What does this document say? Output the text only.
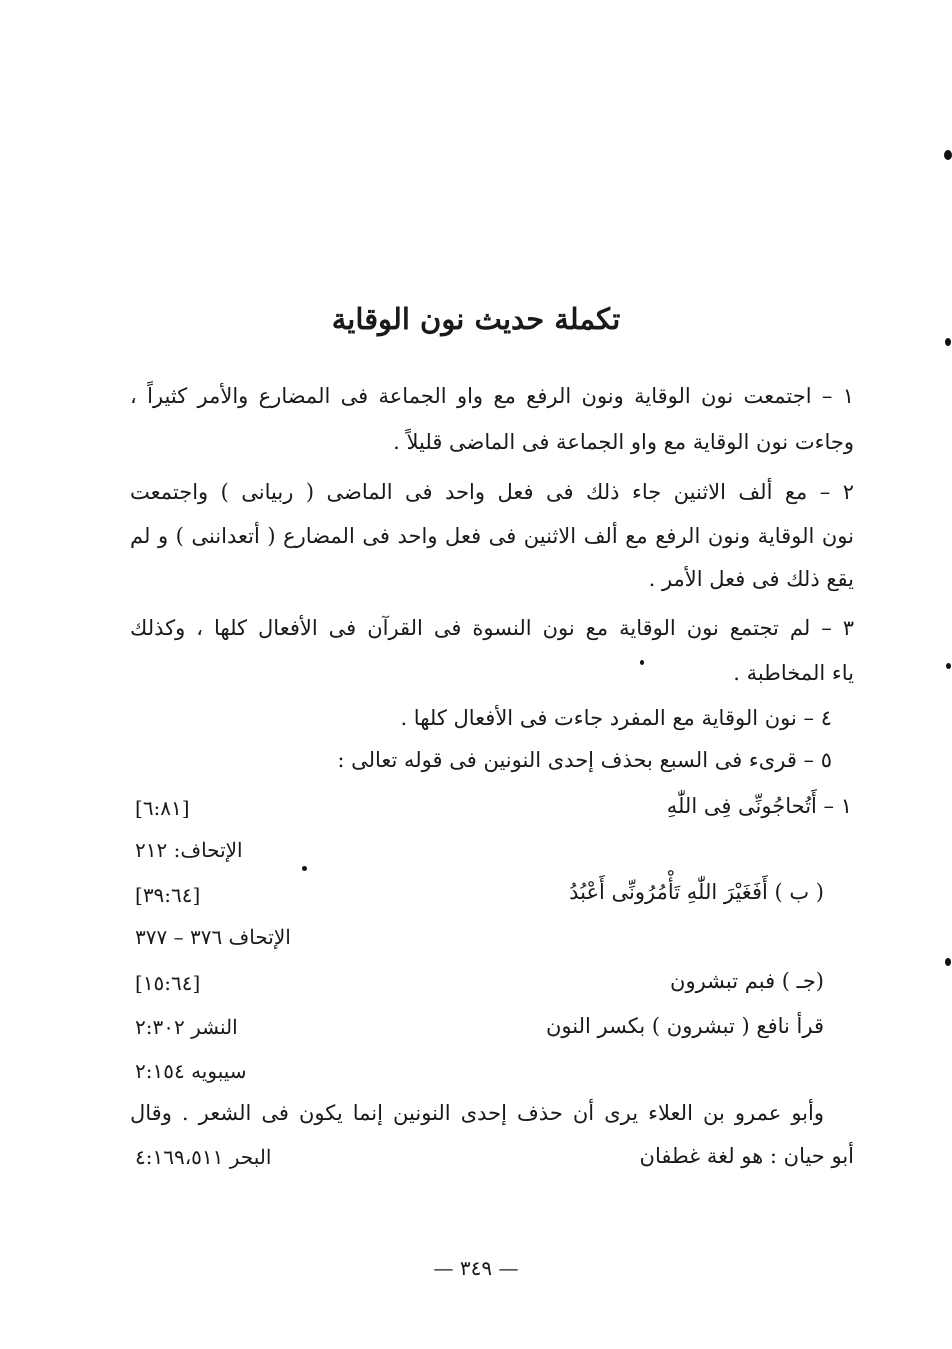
تكملة حديث نون الوقاية
١ – اجتمعت نون الوقاية ونون الرفع مع واو الجماعة فى المضارع والأمر كثيراً ،
وجاءت نون الوقاية مع واو الجماعة فى الماضى قليلاً .
٢ – مع ألف الاثنين جاء ذلك فى فعل واحد فى الماضى ( ربيانى ) واجتمعت
نون الوقاية ونون الرفع مع ألف الاثنين فى فعل واحد فى المضارع ( أتعداننى ) و لم
يقع ذلك فى فعل الأمر .
٣ – لم تجتمع نون الوقاية مع نون النسوة فى القرآن فى الأفعال كلها ، وكذلك
ياء المخاطبة .
٤ – نون الوقاية مع المفرد جاءت فى الأفعال كلها .
٥ – قرىء فى السبع بحذف إحدى النونين فى قوله تعالى :
١ – أَتُحاجُونِّى فِى اللّٰهِ
[٦:٨١]
الإتحاف: ٢١٢
( ب ) أَفَغَيْرَ اللّٰهِ تَأْمُرُونِّى أَعْبُدُ
[٣٩:٦٤]
الإتحاف ٣٧٦ – ٣٧٧
(جـ ) فبم تبشرون
[١٥:٦٤]
قرأ نافع ( تبشرون ) بكسر النون
النشر ٢:٣٠٢
سيبويه ٢:١٥٤
وأبو عمرو بن العلاء يرى أن حذف إحدى النونين إنما يكون فى الشعر . وقال
أبو حيان : هو لغة غطفان
البحر ٤:١٦٩،٥١١
— ٣٤٩ —
